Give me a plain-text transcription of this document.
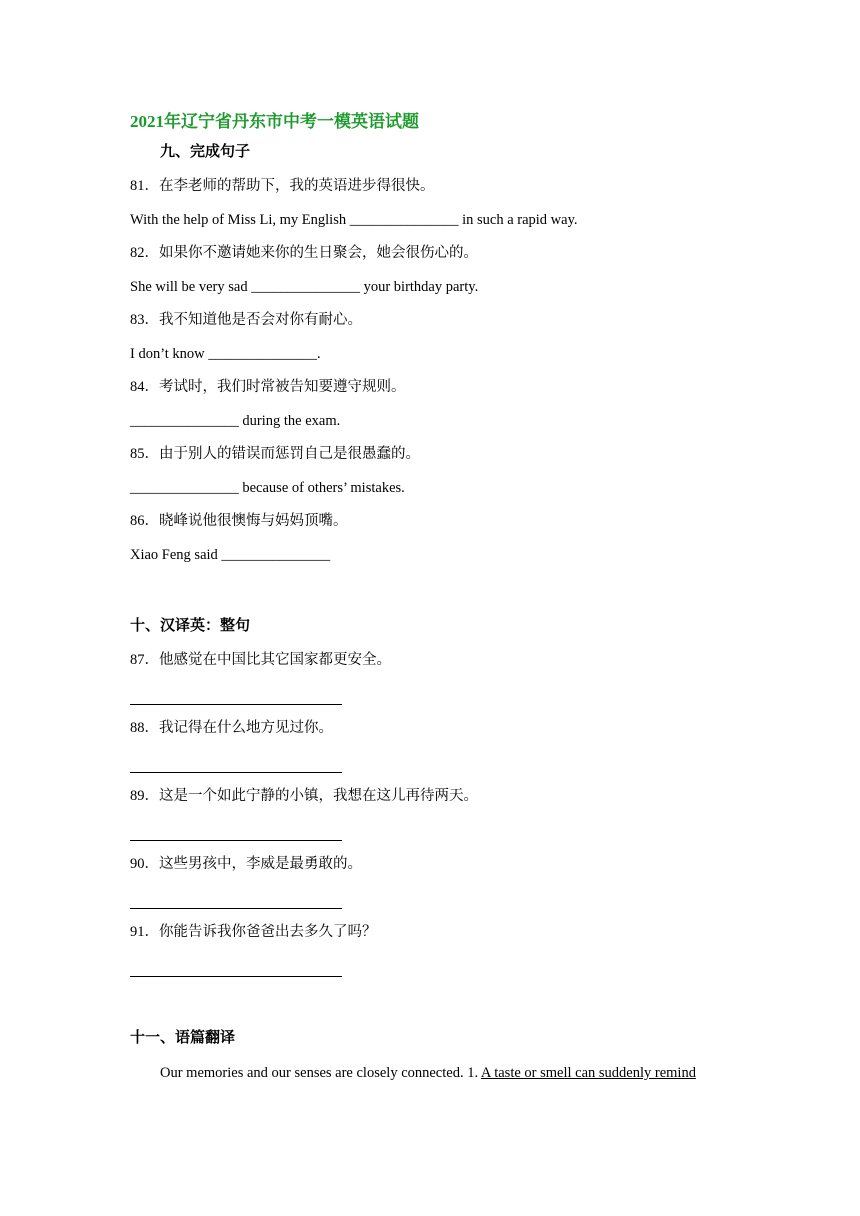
2021年辽宁省丹东市中考一模英语试题
九、完成句子
81．在李老师的帮助下，我的英语进步得很快。
With the help of Miss Li, my English _______________ in such a rapid way.
82．如果你不邀请她来你的生日聚会，她会很伤心的。
She will be very sad _______________ your birthday party.
83．我不知道他是否会对你有耐心。
I don’t know _______________.
84．考试时，我们时常被告知要遵守规则。
_______________ during the exam.
85．由于别人的错误而惩罚自己是很愚蠢的。
_______________ because of others’ mistakes.
86．晓峰说他很懊悔与妈妈顶嘴。
Xiao Feng said _______________
十、汉译英：整句
87．他感觉在中国比其它国家都更安全。
88．我记得在什么地方见过你。
89．这是一个如此宁静的小镇，我想在这儿再待两天。
90．这些男孩中，李威是最勇敢的。
91．你能告诉我你爸爸出去多久了吗？
十一、语篇翻译
Our memories and our senses are closely connected. 1. A taste or smell can suddenly remind
